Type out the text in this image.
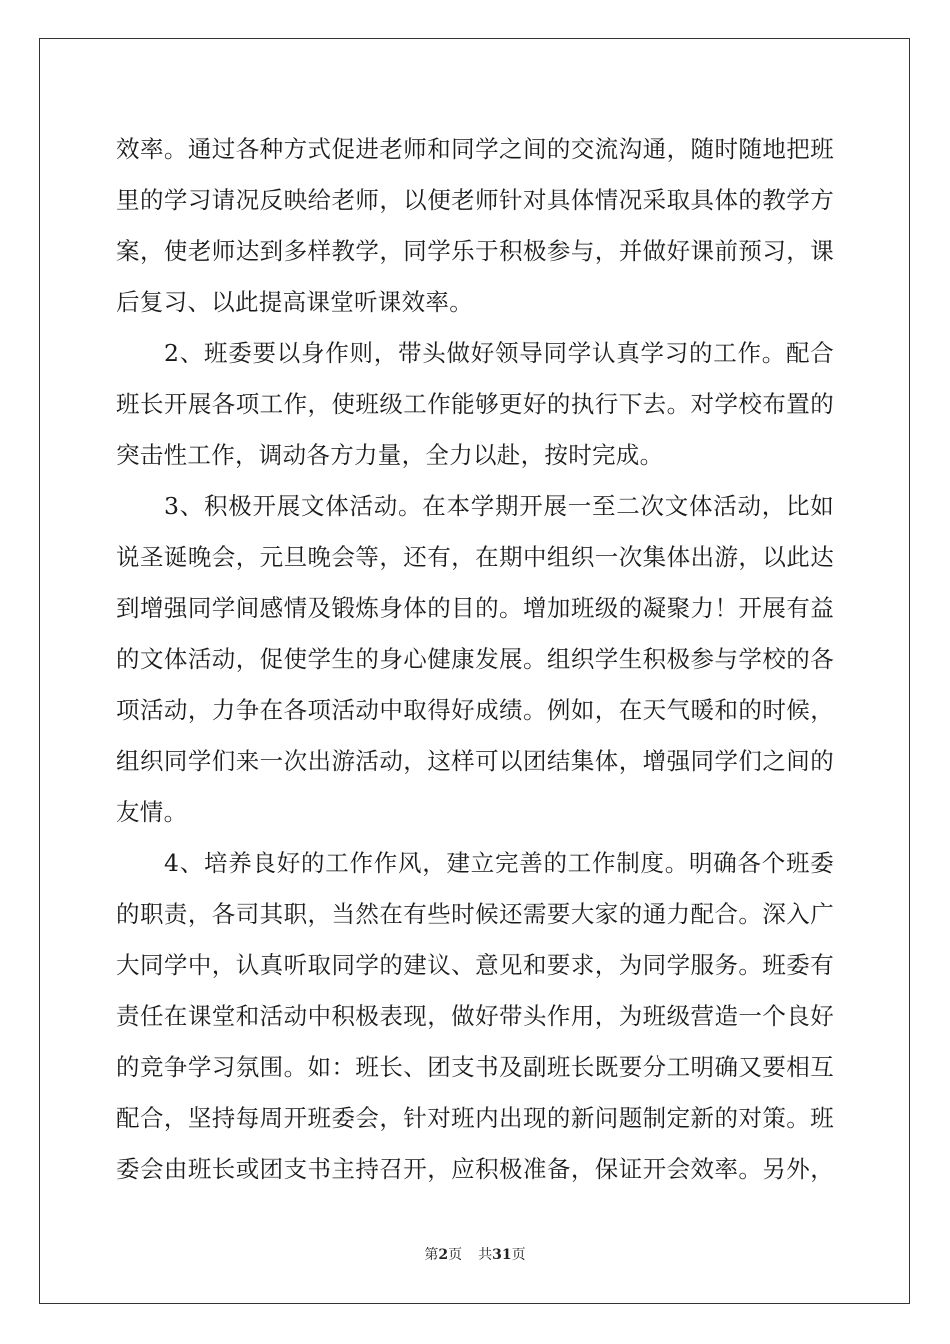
效率。通过各种方式促进老师和同学之间的交流沟通，随时随地把班
里的学习请况反映给老师，以便老师针对具体情况采取具体的教学方
案，使老师达到多样教学，同学乐于积极参与，并做好课前预习，课
后复习、以此提高课堂听课效率。
2、班委要以身作则，带头做好领导同学认真学习的工作。配合
班长开展各项工作，使班级工作能够更好的执行下去。对学校布置的
突击性工作，调动各方力量，全力以赴，按时完成。
3、积极开展文体活动。在本学期开展一至二次文体活动，比如
说圣诞晚会，元旦晚会等，还有，在期中组织一次集体出游，以此达
到增强同学间感情及锻炼身体的目的。增加班级的凝聚力！开展有益
的文体活动，促使学生的身心健康发展。组织学生积极参与学校的各
项活动，力争在各项活动中取得好成绩。例如，在天气暖和的时候，
组织同学们来一次出游活动，这样可以团结集体，增强同学们之间的
友情。
4、培养良好的工作作风，建立完善的工作制度。明确各个班委
的职责，各司其职，当然在有些时候还需要大家的通力配合。深入广
大同学中，认真听取同学的建议、意见和要求，为同学服务。班委有
责任在课堂和活动中积极表现，做好带头作用，为班级营造一个良好
的竞争学习氛围。如：班长、团支书及副班长既要分工明确又要相互
配合，坚持每周开班委会，针对班内出现的新问题制定新的对策。班
委会由班长或团支书主持召开，应积极准备，保证开会效率。另外，
第2页 共31页
